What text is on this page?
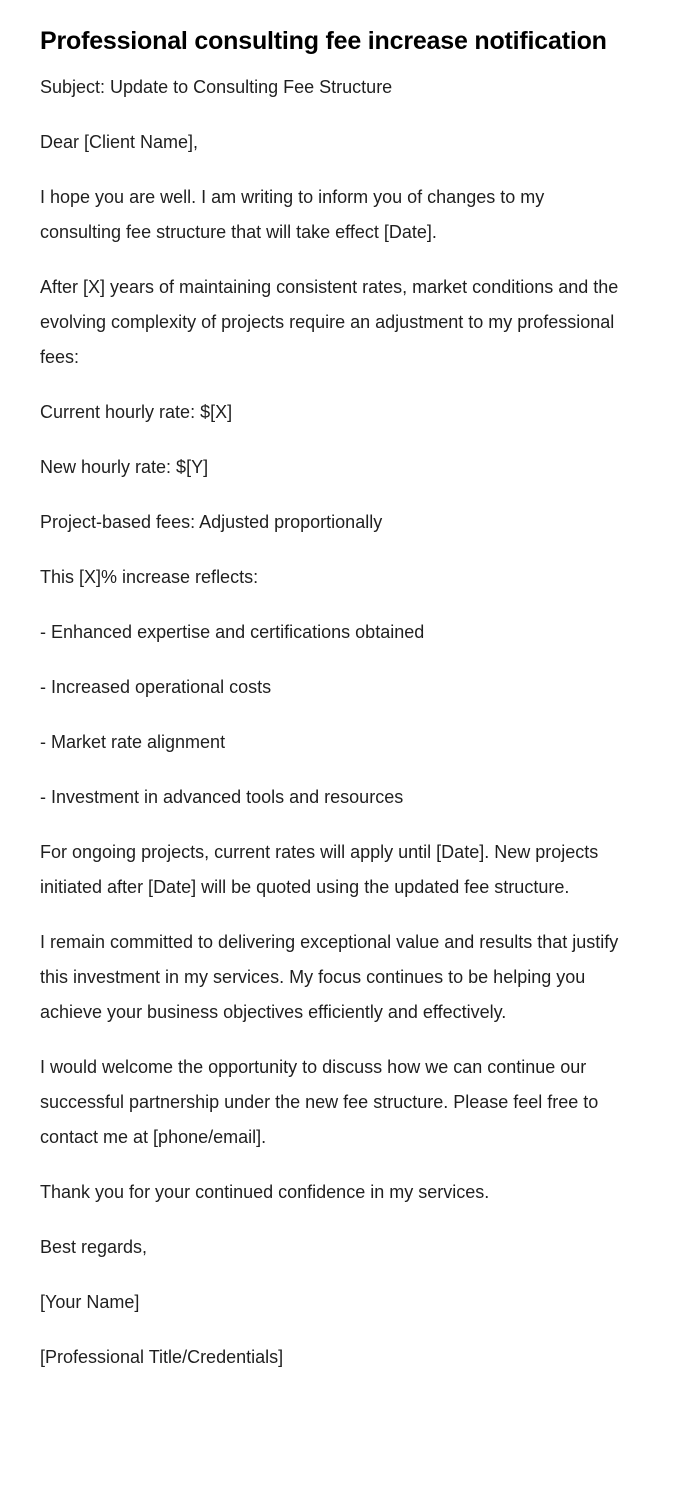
Professional consulting fee increase notification

Subject: Update to Consulting Fee Structure

Dear [Client Name],

I hope you are well. I am writing to inform you of changes to my consulting fee structure that will take effect [Date].

After [X] years of maintaining consistent rates, market conditions and the evolving complexity of projects require an adjustment to my professional fees:

Current hourly rate: $[X]

New hourly rate: $[Y]

Project-based fees: Adjusted proportionally

This [X]% increase reflects:

- Enhanced expertise and certifications obtained

- Increased operational costs

- Market rate alignment

- Investment in advanced tools and resources

For ongoing projects, current rates will apply until [Date]. New projects initiated after [Date] will be quoted using the updated fee structure.

I remain committed to delivering exceptional value and results that justify this investment in my services. My focus continues to be helping you achieve your business objectives efficiently and effectively.

I would welcome the opportunity to discuss how we can continue our successful partnership under the new fee structure. Please feel free to contact me at [phone/email].

Thank you for your continued confidence in my services.

Best regards,

[Your Name]

[Professional Title/Credentials]
